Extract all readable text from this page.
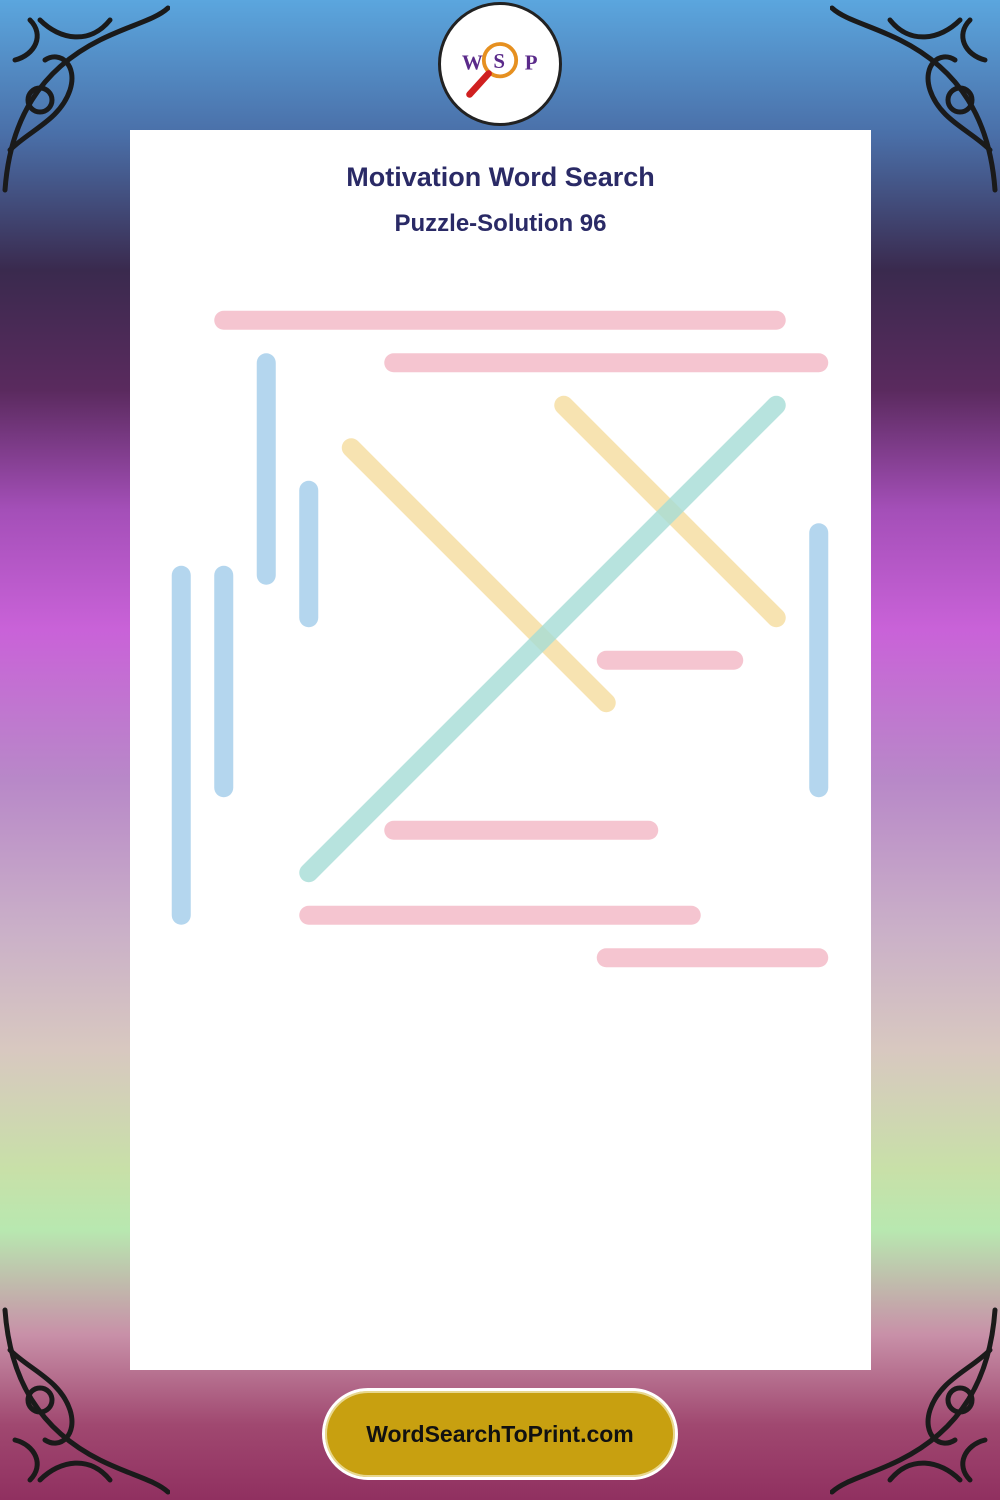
W S P
Motivation Word Search
Puzzle-Solution 96
WordSearchToPrint.com
